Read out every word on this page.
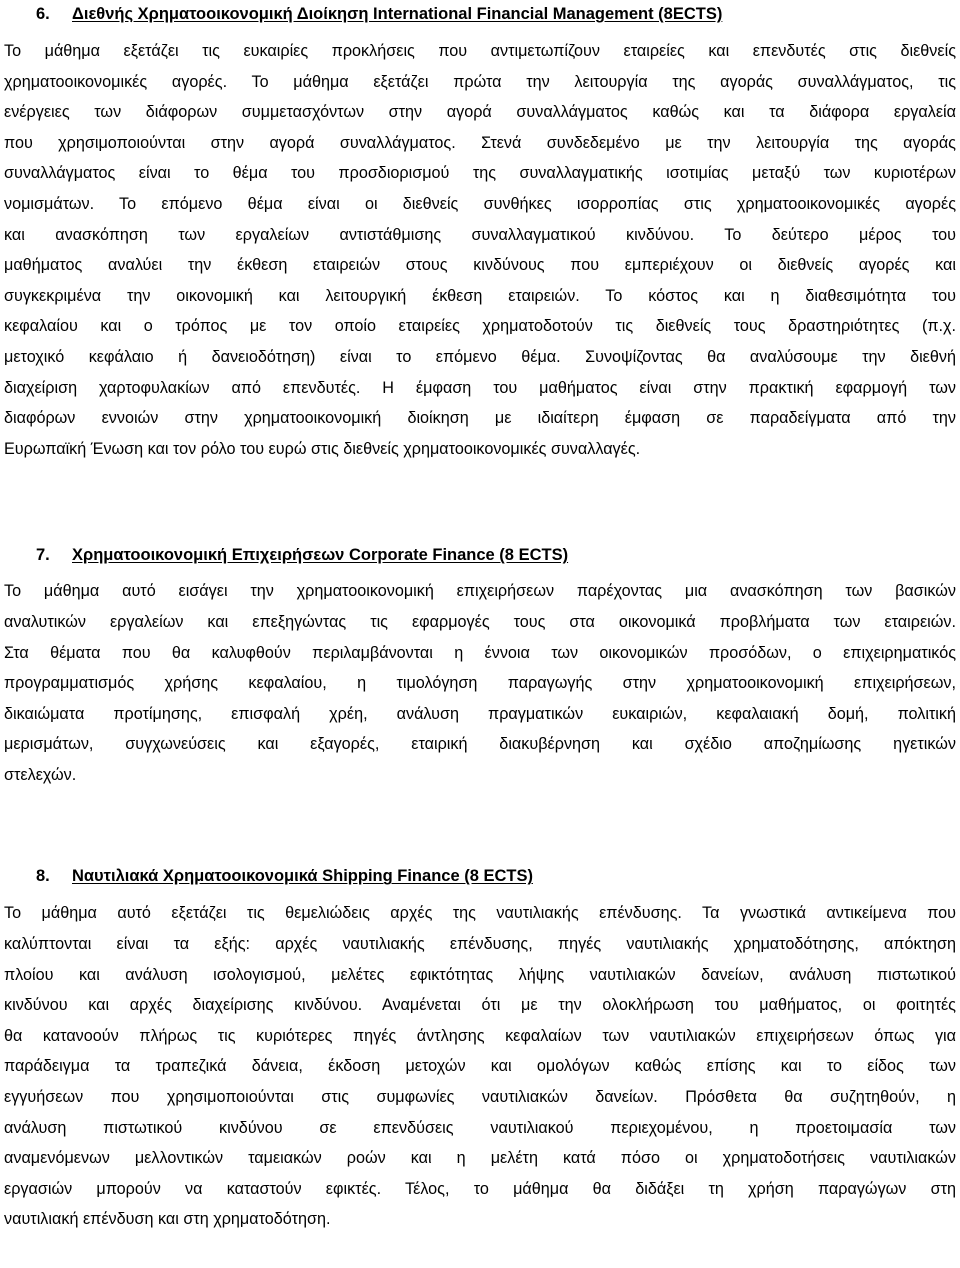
6. Διεθνής Χρηματοοικονομική Διοίκηση International Financial Management (8ECTS)
Το μάθημα εξετάζει τις ευκαιρίες προκλήσεις που αντιμετωπίζουν εταιρείες και επενδυτές στις διεθνείς
χρηματοοικονομικές αγορές. Το μάθημα εξετάζει πρώτα την λειτουργία της αγοράς συναλλάγματος, τις
ενέργειες των διάφορων συμμετασχόντων στην αγορά συναλλάγματος καθώς και τα διάφορα εργαλεία
που χρησιμοποιούνται στην αγορά συναλλάγματος. Στενά συνδεδεμένο με την λειτουργία της αγοράς
συναλλάγματος είναι το θέμα του προσδιορισμού της συναλλαγματικής ισοτιμίας μεταξύ των κυριοτέρων
νομισμάτων. Το επόμενο θέμα είναι οι διεθνείς συνθήκες ισορροπίας στις χρηματοοικονομικές αγορές
και ανασκόπηση των εργαλείων αντιστάθμισης συναλλαγματικού κινδύνου. Το δεύτερο μέρος του
μαθήματος αναλύει την έκθεση εταιρειών στους κινδύνους που εμπεριέχουν οι διεθνείς αγορές και
συγκεκριμένα την οικονομική και λειτουργική έκθεση εταιρειών. Το κόστος και η διαθεσιμότητα του
κεφαλαίου και ο τρόπος με τον οποίο εταιρείες χρηματοδοτούν τις διεθνείς τους δραστηριότητες (π.χ.
μετοχικό κεφάλαιο ή δανειοδότηση) είναι το επόμενο θέμα. Συνοψίζοντας θα αναλύσουμε την διεθνή
διαχείριση χαρτοφυλακίων από επενδυτές. Η έμφαση του μαθήματος είναι στην πρακτική εφαρμογή των
διαφόρων εννοιών στην χρηματοοικονομική διοίκηση με ιδιαίτερη έμφαση σε παραδείγματα από την
Ευρωπαϊκή Ένωση και τον ρόλο του ευρώ στις διεθνείς χρηματοοικονομικές συναλλαγές.
7. Χρηματοοικονομική Επιχειρήσεων Corporate Finance (8 ECTS)
Το μάθημα αυτό εισάγει την χρηματοοικονομική επιχειρήσεων παρέχοντας μια ανασκόπηση των βασικών
αναλυτικών εργαλείων και επεξηγώντας τις εφαρμογές τους στα οικονομικά προβλήματα των εταιρειών.
Στα θέματα που θα καλυφθούν περιλαμβάνονται η έννοια των οικονομικών προσόδων, ο επιχειρηματικός
προγραμματισμός χρήσης κεφαλαίου, η τιμολόγηση παραγωγής στην χρηματοοικονομική επιχειρήσεων,
δικαιώματα προτίμησης, επισφαλή χρέη, ανάλυση πραγματικών ευκαιριών, κεφαλαιακή δομή, πολιτική
μερισμάτων, συγχωνεύσεις και εξαγορές, εταιρική διακυβέρνηση και σχέδιο αποζημίωσης ηγετικών
στελεχών.
8. Ναυτιλιακά Χρηματοοικονομικά Shipping Finance (8 ECTS)
Το μάθημα αυτό εξετάζει τις θεμελιώδεις αρχές της ναυτιλιακής επένδυσης. Τα γνωστικά αντικείμενα που
καλύπτονται είναι τα εξής: αρχές ναυτιλιακής επένδυσης, πηγές ναυτιλιακής χρηματοδότησης, απόκτηση
πλοίου και ανάλυση ισολογισμού, μελέτες εφικτότητας λήψης ναυτιλιακών δανείων, ανάλυση πιστωτικού
κινδύνου και αρχές διαχείρισης κινδύνου. Αναμένεται ότι με την ολοκλήρωση του μαθήματος, οι φοιτητές
θα κατανοούν πλήρως τις κυριότερες πηγές άντλησης κεφαλαίων των ναυτιλιακών επιχειρήσεων όπως για
παράδειγμα τα τραπεζικά δάνεια, έκδοση μετοχών και ομολόγων καθώς επίσης και το είδος των
εγγυήσεων που χρησιμοποιούνται στις συμφωνίες ναυτιλιακών δανείων. Πρόσθετα θα συζητηθούν, η
ανάλυση πιστωτικού κινδύνου σε επενδύσεις ναυτιλιακού περιεχομένου, η προετοιμασία των
αναμενόμενων μελλοντικών ταμειακών ροών και η μελέτη κατά πόσο οι χρηματοδοτήσεις ναυτιλιακών
εργασιών μπορούν να καταστούν εφικτές. Τέλος, το μάθημα θα διδάξει τη χρήση παραγώγων στη
ναυτιλιακή επένδυση και στη χρηματοδότηση.
